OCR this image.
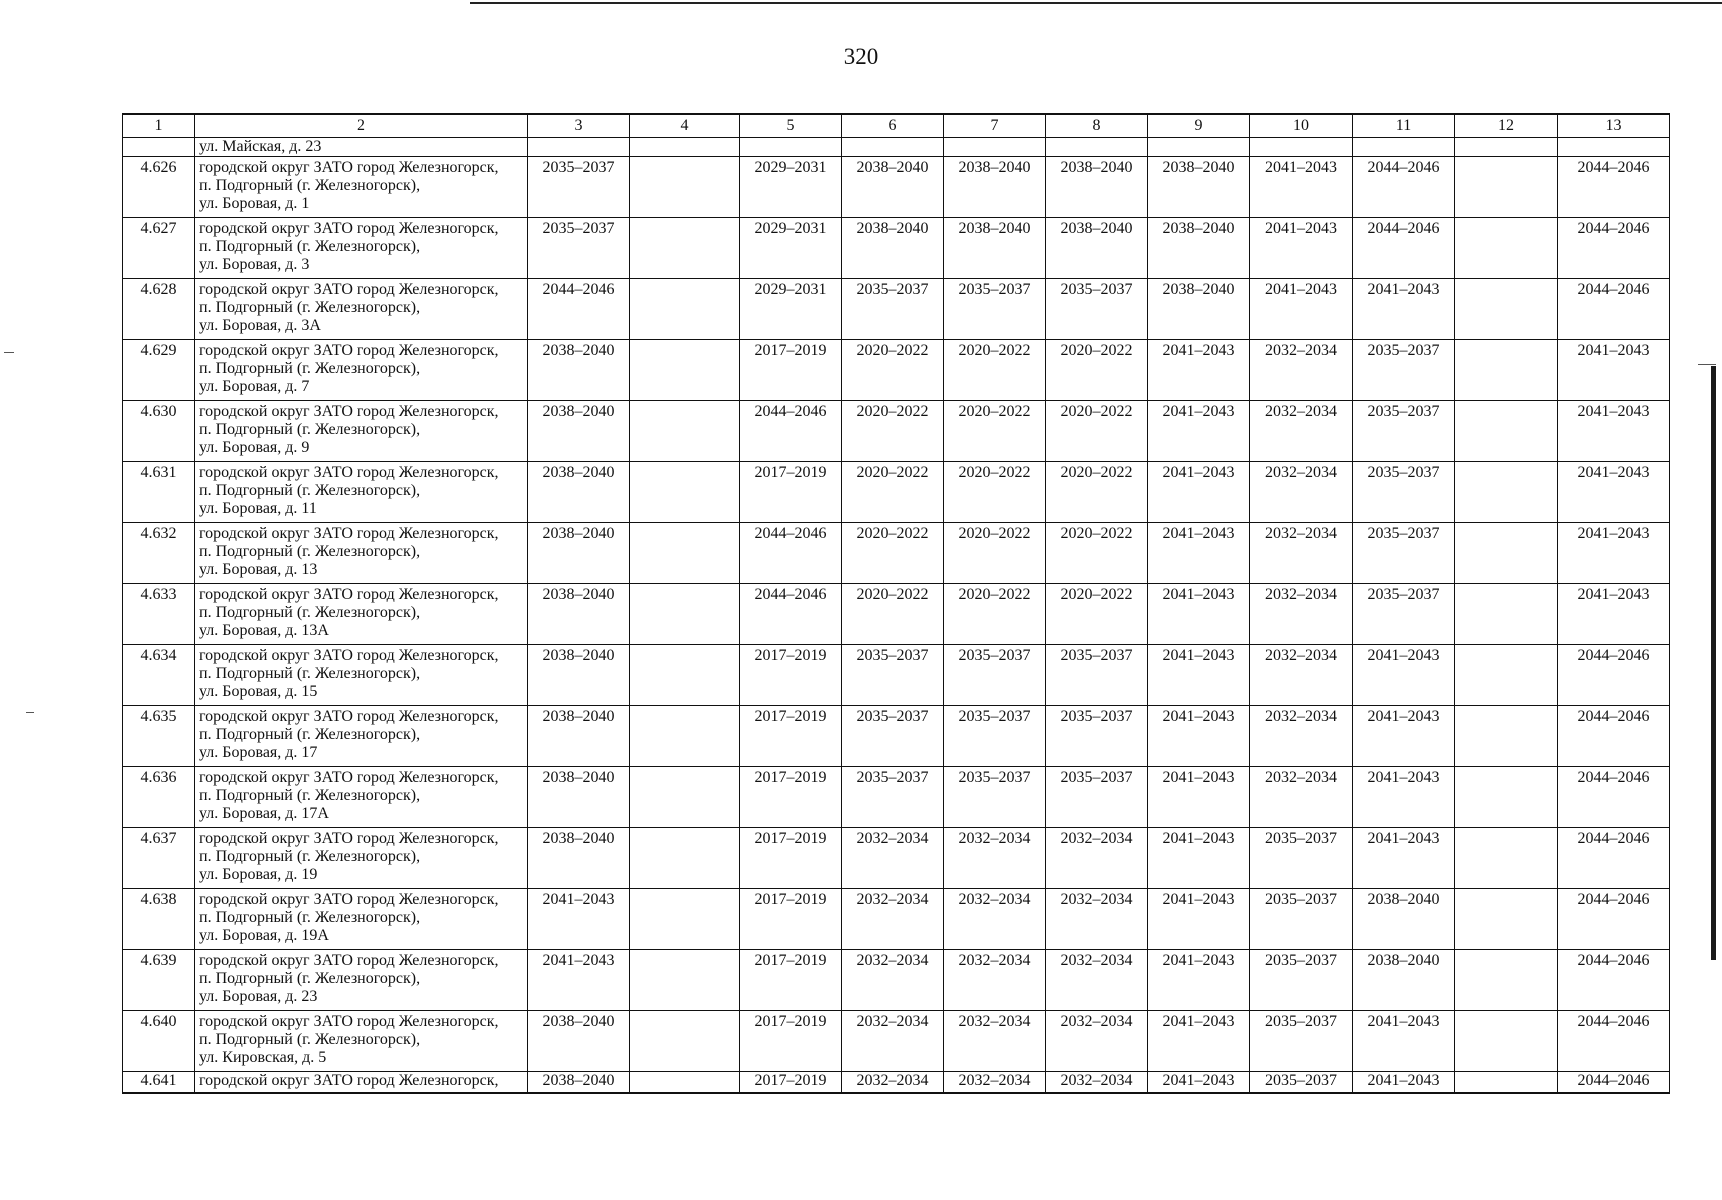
320
1	2	3	4	5	6	7	8	9	10	11	12	13
	ул. Майская, д. 23											
4.626	городской округ ЗАТО город Железногорск,
п. Подгорный (г. Железногорск),
ул. Боровая, д. 1	2035–2037		2029–2031	2038–2040	2038–2040	2038–2040	2038–2040	2041–2043	2044–2046		2044–2046
4.627	городской округ ЗАТО город Железногорск,
п. Подгорный (г. Железногорск),
ул. Боровая, д. 3	2035–2037		2029–2031	2038–2040	2038–2040	2038–2040	2038–2040	2041–2043	2044–2046		2044–2046
4.628	городской округ ЗАТО город Железногорск,
п. Подгорный (г. Железногорск),
ул. Боровая, д. 3А	2044–2046		2029–2031	2035–2037	2035–2037	2035–2037	2038–2040	2041–2043	2041–2043		2044–2046
4.629	городской округ ЗАТО город Железногорск,
п. Подгорный (г. Железногорск),
ул. Боровая, д. 7	2038–2040		2017–2019	2020–2022	2020–2022	2020–2022	2041–2043	2032–2034	2035–2037		2041–2043
4.630	городской округ ЗАТО город Железногорск,
п. Подгорный (г. Железногорск),
ул. Боровая, д. 9	2038–2040		2044–2046	2020–2022	2020–2022	2020–2022	2041–2043	2032–2034	2035–2037		2041–2043
4.631	городской округ ЗАТО город Железногорск,
п. Подгорный (г. Железногорск),
ул. Боровая, д. 11	2038–2040		2017–2019	2020–2022	2020–2022	2020–2022	2041–2043	2032–2034	2035–2037		2041–2043
4.632	городской округ ЗАТО город Железногорск,
п. Подгорный (г. Железногорск),
ул. Боровая, д. 13	2038–2040		2044–2046	2020–2022	2020–2022	2020–2022	2041–2043	2032–2034	2035–2037		2041–2043
4.633	городской округ ЗАТО город Железногорск,
п. Подгорный (г. Железногорск),
ул. Боровая, д. 13А	2038–2040		2044–2046	2020–2022	2020–2022	2020–2022	2041–2043	2032–2034	2035–2037		2041–2043
4.634	городской округ ЗАТО город Железногорск,
п. Подгорный (г. Железногорск),
ул. Боровая, д. 15	2038–2040		2017–2019	2035–2037	2035–2037	2035–2037	2041–2043	2032–2034	2041–2043		2044–2046
4.635	городской округ ЗАТО город Железногорск,
п. Подгорный (г. Железногорск),
ул. Боровая, д. 17	2038–2040		2017–2019	2035–2037	2035–2037	2035–2037	2041–2043	2032–2034	2041–2043		2044–2046
4.636	городской округ ЗАТО город Железногорск,
п. Подгорный (г. Железногорск),
ул. Боровая, д. 17А	2038–2040		2017–2019	2035–2037	2035–2037	2035–2037	2041–2043	2032–2034	2041–2043		2044–2046
4.637	городской округ ЗАТО город Железногорск,
п. Подгорный (г. Железногорск),
ул. Боровая, д. 19	2038–2040		2017–2019	2032–2034	2032–2034	2032–2034	2041–2043	2035–2037	2041–2043		2044–2046
4.638	городской округ ЗАТО город Железногорск,
п. Подгорный (г. Железногорск),
ул. Боровая, д. 19А	2041–2043		2017–2019	2032–2034	2032–2034	2032–2034	2041–2043	2035–2037	2038–2040		2044–2046
4.639	городской округ ЗАТО город Железногорск,
п. Подгорный (г. Железногорск),
ул. Боровая, д. 23	2041–2043		2017–2019	2032–2034	2032–2034	2032–2034	2041–2043	2035–2037	2038–2040		2044–2046
4.640	городской округ ЗАТО город Железногорск,
п. Подгорный (г. Железногорск),
ул. Кировская, д. 5	2038–2040		2017–2019	2032–2034	2032–2034	2032–2034	2041–2043	2035–2037	2041–2043		2044–2046
4.641	городской округ ЗАТО город Железногорск,	2038–2040		2017–2019	2032–2034	2032–2034	2032–2034	2041–2043	2035–2037	2041–2043		2044–2046
